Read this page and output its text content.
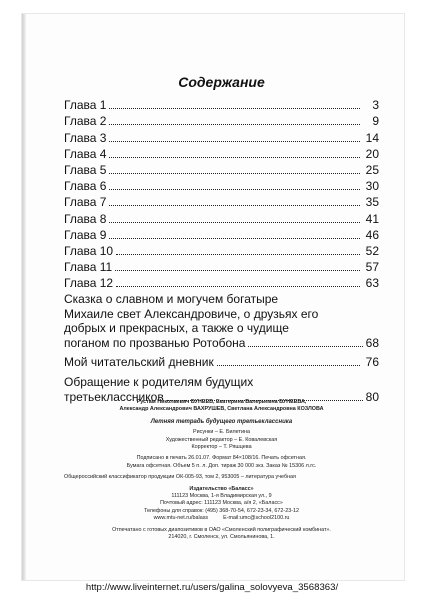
Содержание
Глава 1	3
Глава 2	9
Глава 3	14
Глава 4	20
Глава 5	25
Глава 6	30
Глава 7	35
Глава 8	41
Глава 9	46
Глава 10	52
Глава 11	57
Глава 12	63
Сказка о славном и могучем богатыре
Михаиле свет Александровиче, о друзьях его
добрых и прекрасных, а также о чудище
поганом по прозванью Ротобона	68
Мой читательский дневник	76
Обращение к родителям будущих
третьеклассников	80
Рустам Николаевич БУНЕЕВ, Екатерина Валерьевна БУНЕЕВА,
Александр Александрович ВАХРУШЕВ, Светлана Александровна КОЗЛОВА
Летняя тетрадь будущего третьеклассника
Рисунки – Е. Билетина
Художественный редактор – Е. Ковалевская
Корректор – Т. Ряшцева
Подписано в печать 26.01.07. Формат 84×108/16. Печать офсетная.
Бумага офсетная. Объем 5 п. л. Доп. тираж 30 000 экз. Заказ № 15306 л.гс.
Общероссийский классификатор продукции ОК-005-93, том 2, 953005 – литература учебная
Издательство «Баласс»
111123 Москва, 1-я Владимирская ул., 9
Почтовый адрес: 111123 Москва, а/я 2, «Баласс»
Телефоны для справок: (495) 368-70-54, 672-23-34, 672-23-12
www.mtu-net.ru/balass          E-mail:umc@school2100.ru
Отпечатано с готовых диапозитивов в ОАО «Смоленский полиграфический комбинат».
214020, г. Смоленск, ул. Смольянинова, 1.
http://www.liveinternet.ru/users/galina_solovyeva_3568363/
